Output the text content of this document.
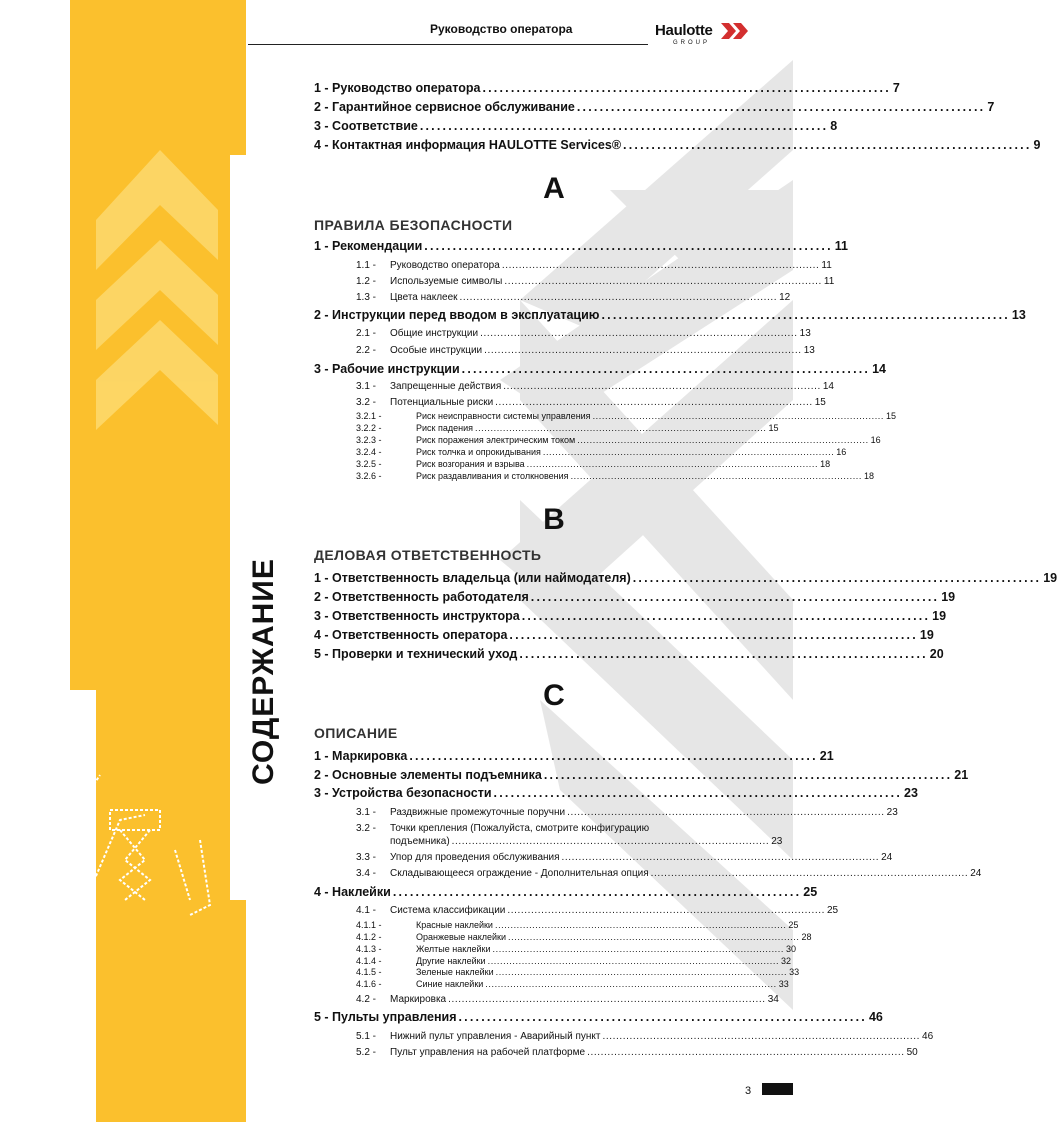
Руководство оператора	Haulotte
GROUP
СОДЕРЖАНИЕ
1 - Руководство оператора ........................................................................ 7
2 - Гарантийное сервисное обслуживание ........................................................................ 7
3 - Соответствие ........................................................................ 8
4 - Контактная информация HAULOTTE Services® ........................................................................ 9
A
ПРАВИЛА БЕЗОПАСНОСТИ
1 - Рекомендации ........................................................................ 11
1.1 -	Руководство оператора .............................................................................................. 11
1.2 -	Используемые символы .............................................................................................. 11
1.3 -	Цвета наклеек .............................................................................................. 12
2 - Инструкции перед вводом в эксплуатацию ........................................................................ 13
2.1 -	Общие инструкции .............................................................................................. 13
2.2 -	Особые инструкции .............................................................................................. 13
3 - Рабочие инструкции ........................................................................ 14
3.1 -	Запрещенные действия .............................................................................................. 14
3.2 -	Потенциальные риски .............................................................................................. 15
3.2.1 -	Риск неисправности системы управления .............................................................................................. 15
3.2.2 -	Риск падения .............................................................................................. 15
3.2.3 -	Риск поражения электрическим током .............................................................................................. 16
3.2.4 -	Риск толчка и опрокидывания .............................................................................................. 16
3.2.5 -	Риск возгорания и взрыва .............................................................................................. 18
3.2.6 -	Риск раздавливания и столкновения .............................................................................................. 18
B
ДЕЛОВАЯ ОТВЕТСТВЕННОСТЬ
1 - Ответственность владельца (или наймодателя) ........................................................................ 19
2 - Ответственность работодателя ........................................................................ 19
3 - Ответственность инструктора ........................................................................ 19
4 - Ответственность оператора ........................................................................ 19
5 - Проверки и технический уход ........................................................................ 20
C
ОПИСАНИЕ
1 - Маркировка ........................................................................ 21
2 - Основные элементы подъемника ........................................................................ 21
3 - Устройства безопасности ........................................................................ 23
3.1 -	Раздвижные промежуточные поручни .............................................................................................. 23
3.2 -	Точки крепления (Пожалуйста, смотрите конфигурацию
подъемника) .............................................................................................. 23
3.3 -	Упор для проведения обслуживания .............................................................................................. 24
3.4 -	Складывающееся ограждение - Дополнительная опция .............................................................................................. 24
4 - Наклейки ........................................................................ 25
4.1 -	Система классификации .............................................................................................. 25
4.1.1 -	Красные наклейки .............................................................................................. 25
4.1.2 -	Оранжевые наклейки .............................................................................................. 28
4.1.3 -	Желтые наклейки .............................................................................................. 30
4.1.4 -	Другие наклейки .............................................................................................. 32
4.1.5 -	Зеленые наклейки .............................................................................................. 33
4.1.6 -	Синие наклейки .............................................................................................. 33
4.2 -	Маркировка .............................................................................................. 34
5 - Пульты управления ........................................................................ 46
5.1 -	Нижний пульт управления - Аварийный пункт .............................................................................................. 46
5.2 -	Пульт управления на рабочей платформе .............................................................................................. 50
3
